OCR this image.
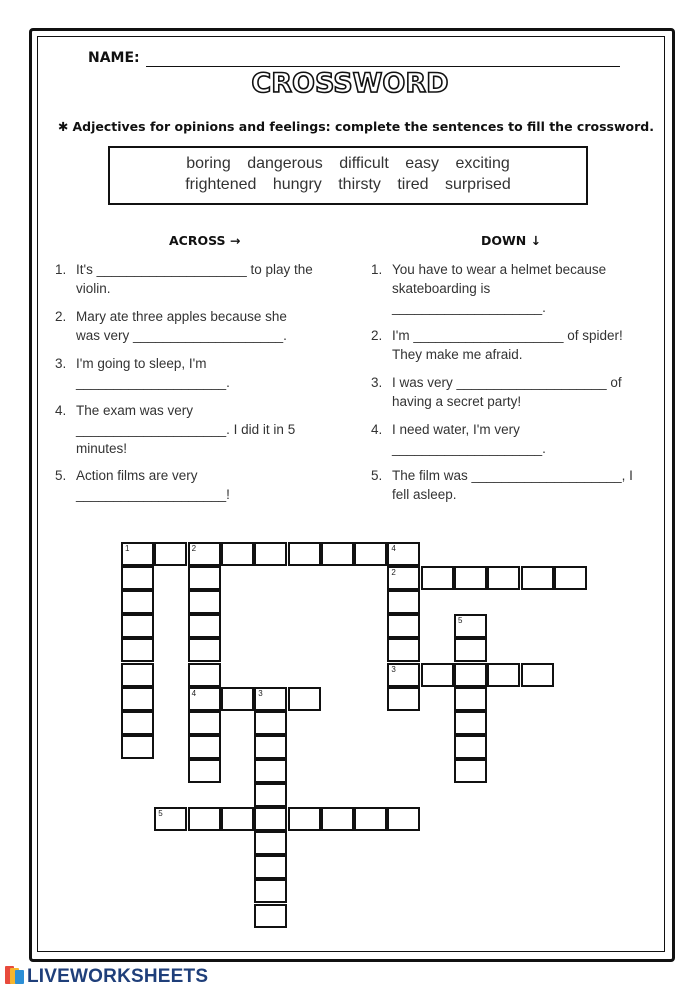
NAME:
CROSSWORD
✱ Adjectives for opinions and feelings: complete the sentences to fill the crossword.
boring dangerous difficult easy exciting
frightened hungry thirsty tired surprised
ACROSS →	DOWN ↓
1. It's ____________________ to play the
violin.
2. Mary ate three apples because she
was very ____________________.
3. I'm going to sleep, I'm
____________________.
4. The exam was very
____________________. I did it in 5
minutes!
5. Action films are very
____________________!
1. You have to wear a helmet because
skateboarding is
____________________.
2. I'm ____________________ of spider!
They make me afraid.
3. I was very ____________________ of
having a secret party!
4. I need water, I'm very
____________________.
5. The film was ____________________, I
fell asleep.
1	2	4
4
2
3
5
3
5
LIVEWORKSHEETS
